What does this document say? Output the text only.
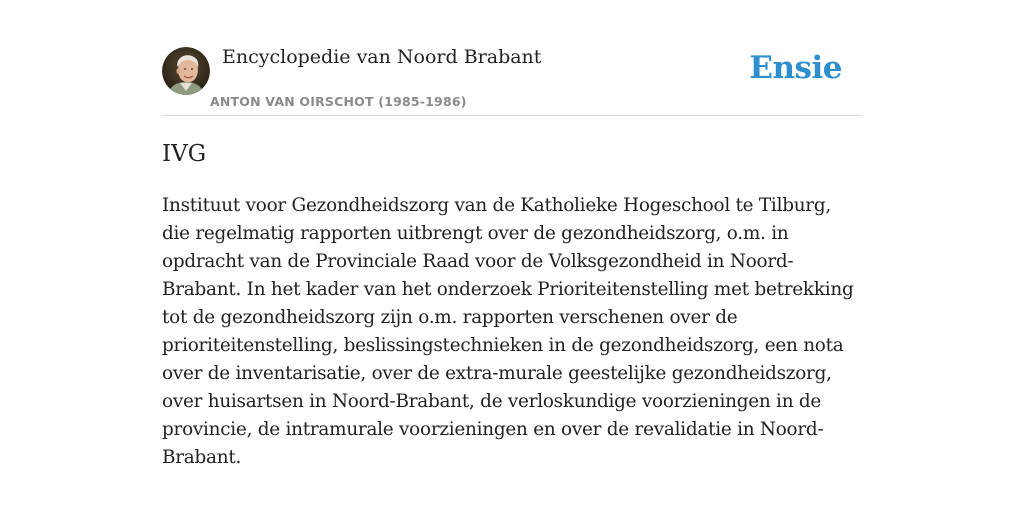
Encyclopedie van Noord Brabant
ANTON VAN OIRSCHOT (1985-1986)
Ensie
IVG

Instituut voor Gezondheidszorg van de Katholieke Hogeschool te Tilburg, die regelmatig rapporten uitbrengt over de gezondheidszorg, o.m. in opdracht van de Provinciale Raad voor de Volksgezondheid in Noord-Brabant. In het kader van het onderzoek Prioriteitenstelling met betrekking tot de gezondheidszorg zijn o.m. rapporten verschenen over de prioriteitenstelling, beslissingstechnieken in de gezondheidszorg, een nota over de inventarisatie, over de extra-murale geestelijke gezondheidszorg, over huisartsen in Noord-Brabant, de verloskundige voorzieningen in de provincie, de intramurale voorzieningen en over de revalidatie in Noord-Brabant.
